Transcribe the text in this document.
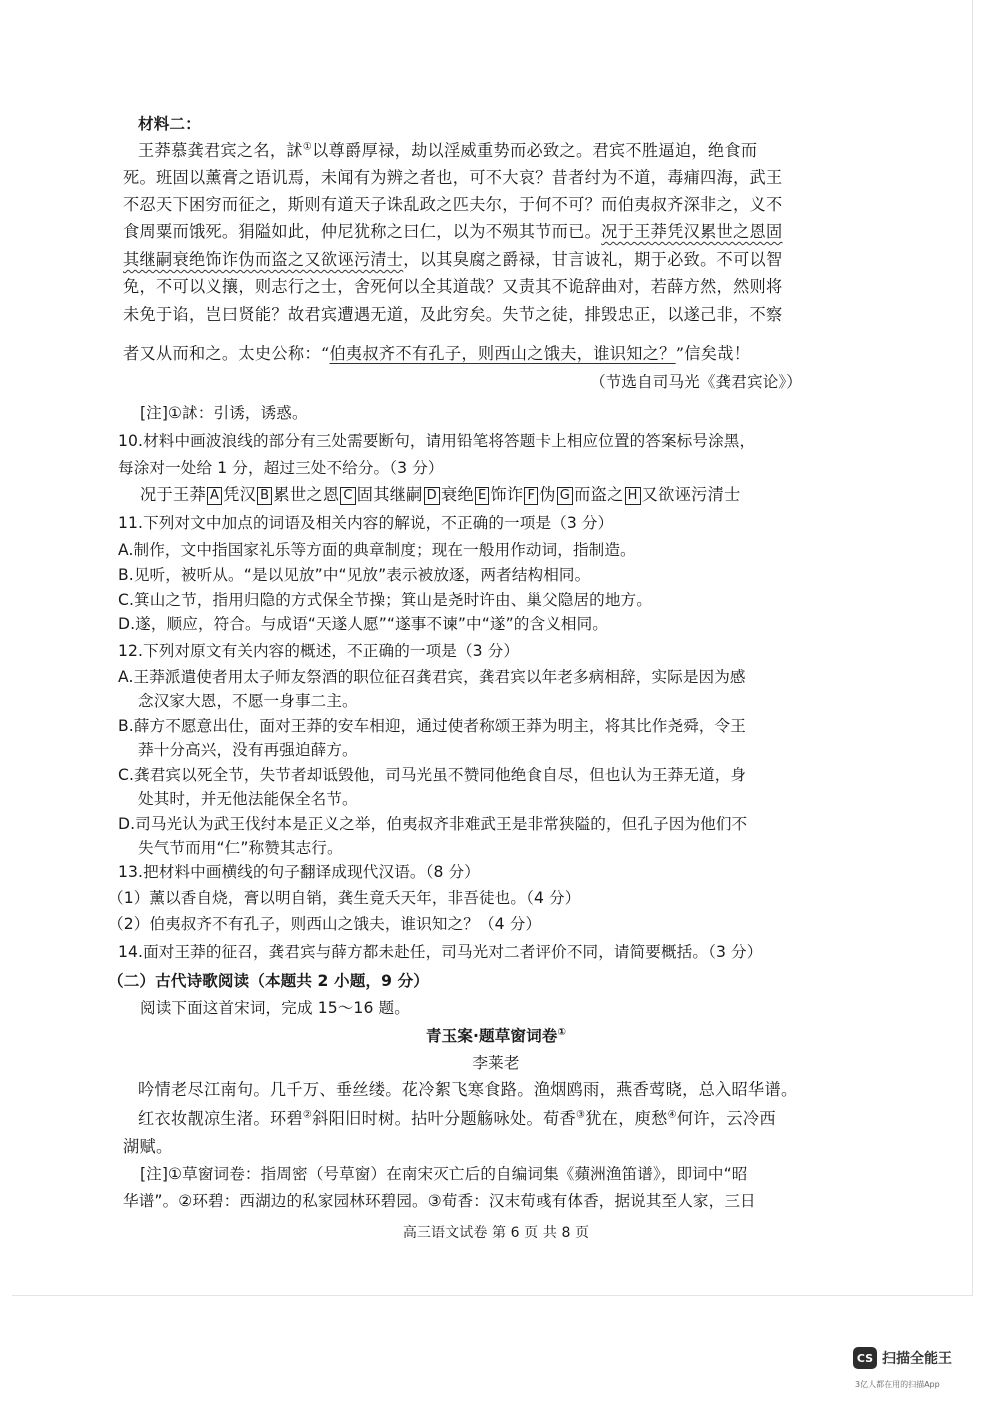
材料二：
王莽慕龚君宾之名，訹①以尊爵厚禄，劫以淫威重势而必致之。君宾不胜逼迫，绝食而
死。班固以薰膏之语讥焉，未闻有为辨之者也，可不大哀？昔者纣为不道，毒痡四海，武王
不忍天下困穷而征之，斯则有道天子诛乱政之匹夫尔，于何不可？而伯夷叔齐深非之，义不
食周粟而饿死。狷隘如此，仲尼犹称之曰仁，以为不殒其节而已。况于王莽凭汉累世之恩固
其继嗣衰绝饰诈伪而盗之又欲诬污清士，以其臭腐之爵禄，甘言诐礼，期于必致。不可以智
免，不可以义攘，则志行之士，舍死何以全其道哉？又责其不诡辞曲对，若薛方然，然则将
未免于谄，岂曰贤能？故君宾遭遇无道，及此穷矣。失节之徒，排毁忠正，以遂己非，不察
者又从而和之。太史公称：“伯夷叔齐不有孔子，则西山之饿夫，谁识知之？”信矣哉！
（节选自司马光《龚君宾论》）
[注]①訹：引诱，诱惑。
10.材料中画波浪线的部分有三处需要断句，请用铅笔将答题卡上相应位置的答案标号涂黑，
每涂对一处给 1 分，超过三处不给分。（3 分）
况于王莽 A 凭汉 B 累世之恩 C 固其继嗣 D 衰绝 E 饰诈 F 伪 G 而盗之 H 又欲诬污清士
11.下列对文中加点的词语及相关内容的解说，不正确的一项是（3 分）
A.制作，文中指国家礼乐等方面的典章制度；现在一般用作动词，指制造。
B.见听，被听从。“是以见放”中“见放”表示被放逐，两者结构相同。
C.箕山之节，指用归隐的方式保全节操；箕山是尧时许由、巢父隐居的地方。
D.遂，顺应，符合。与成语“天遂人愿”“遂事不谏”中“遂”的含义相同。
12.下列对原文有关内容的概述，不正确的一项是（3 分）
A.王莽派遣使者用太子师友祭酒的职位征召龚君宾，龚君宾以年老多病相辞，实际是因为感
念汉家大恩，不愿一身事二主。
B.薛方不愿意出仕，面对王莽的安车相迎，通过使者称颂王莽为明主，将其比作尧舜，令王
莽十分高兴，没有再强迫薛方。
C.龚君宾以死全节，失节者却诋毁他，司马光虽不赞同他绝食自尽，但也认为王莽无道，身
处其时，并无他法能保全名节。
D.司马光认为武王伐纣本是正义之举，伯夷叔齐非难武王是非常狭隘的，但孔子因为他们不
失气节而用“仁”称赞其志行。
13.把材料中画横线的句子翻译成现代汉语。（8 分）
（1）薰以香自烧，膏以明自销，龚生竟夭天年，非吾徒也。（4 分）
（2）伯夷叔齐不有孔子，则西山之饿夫，谁识知之？（4 分）
14.面对王莽的征召，龚君宾与薛方都未赴任，司马光对二者评价不同，请简要概括。（3 分）
（二）古代诗歌阅读（本题共 2 小题，9 分）
阅读下面这首宋词，完成 15～16 题。
青玉案·题草窗词卷①
李莱老
吟情老尽江南句。几千万、垂丝缕。花冷絮飞寒食路。渔烟鸥雨，燕香莺晓，总入昭华谱。
红衣妆靓凉生渚。环碧②斜阳旧时树。拈叶分题觞咏处。荀香③犹在，庾愁④何许，云冷西
湖赋。
[注]①草窗词卷：指周密（号草窗）在南宋灭亡后的自编词集《蘋洲渔笛谱》，即词中“昭
华谱”。②环碧：西湖边的私家园林环碧园。③荀香：汉末荀彧有体香，据说其至人家，三日
高三语文试卷 第 6 页 共 8 页
CS 扫描全能王
3亿人都在用的扫描App
